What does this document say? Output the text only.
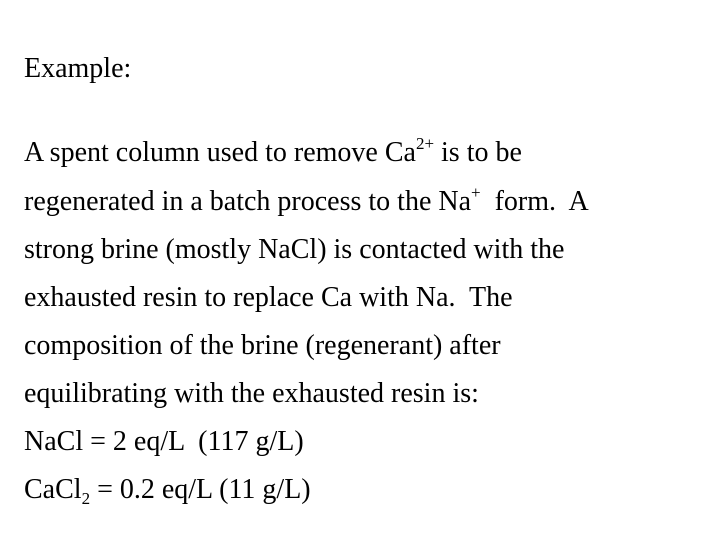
Example:
A spent column used to remove $Ca^{2+}$ is to be
regenerated in a batch process to the Na+  form.  A
strong brine (mostly NaCl) is contacted with the
exhausted resin to replace Ca with Na.  The
composition of the brine (regenerant) after
equilibrating with the exhausted resin is:
NaCl = 2 eq/L  (117 g/L)
CaCl$_2$ = 0.2 eq/L (11 g/L)
